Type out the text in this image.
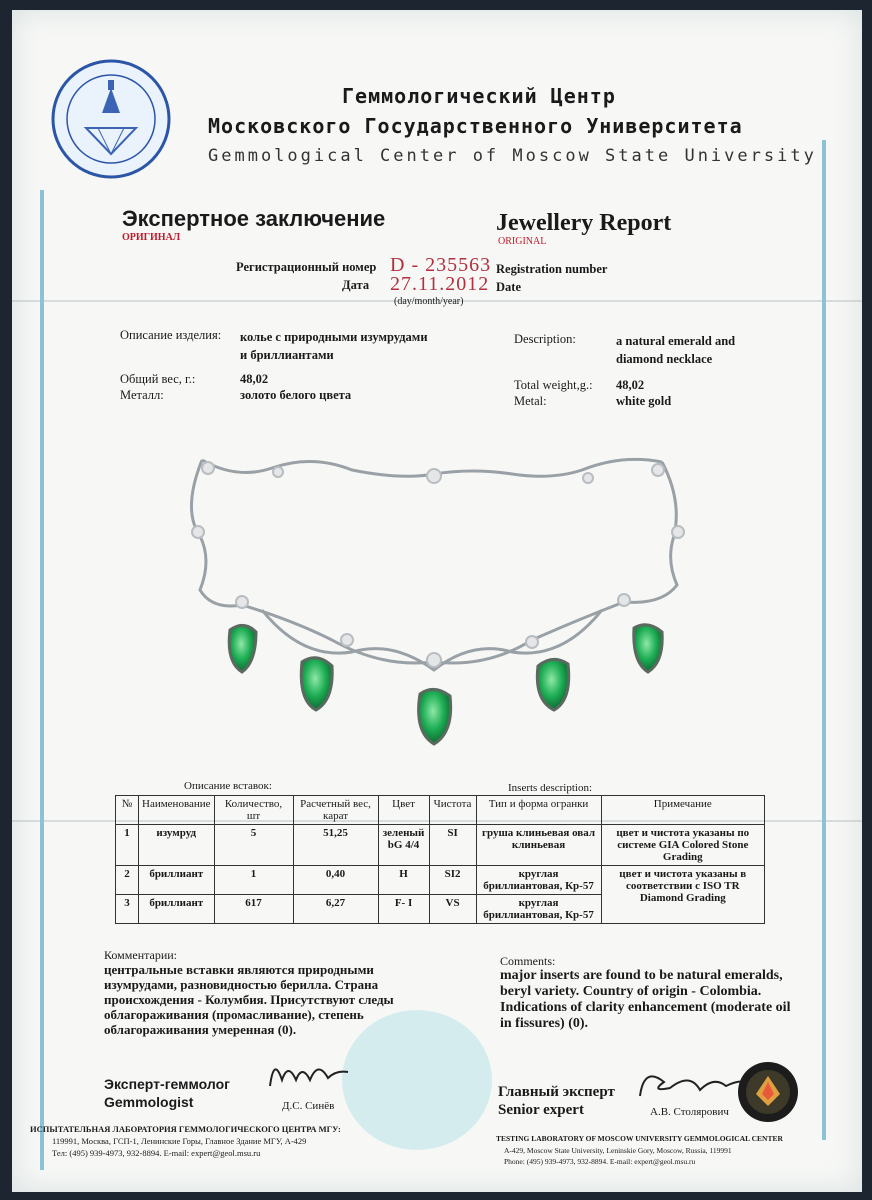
Геммологический Центр
Московского Государственного Университета
Gemmological Center of Moscow State University
Экспертное заключение
ОРИГИНАЛ
Jewellery Report
ORIGINAL
Регистрационный номер D - 235563 Registration number
Дата 27.11.2012 Date
(day/month/year)
Описание изделия: колье с природными изумрудами и бриллиантами
Description:	a natural emerald and diamond necklace
Общий вес, г.:	48,02	Total weight,g.: 48,02
Металл:	золото белого цвета	Metal:	white gold
Описание вставок:	Inserts description:
№	Наименование	Количество, шт	Расчетный вес, карат	Цвет	Чистота	Тип и форма огранки	Примечание
1	изумруд	5	51,25	зеленый bG 4/4	SI	груша клиньевая овал клиньевая	цвет и чистота указаны по системе GIA Colored Stone Grading
2	бриллиант	1	0,40	H	SI2	круглая бриллиантовая, Кр-57	цвет и чистота указаны в соответствии с ISO TR Diamond Grading
3	бриллиант	617	6,27	F- I	VS	круглая бриллиантовая, Кр-57	
Комментарии:
центральные вставки являются природными изумрудами, разновидностью берилла. Страна происхождения - Колумбия. Присутствуют следы облагораживания (промасливание), степень облагораживания умеренная (0).
Comments:
major inserts are found to be natural emeralds, beryl variety. Country of origin - Colombia. Indications of clarity enhancement (moderate oil in fissures) (0).
Эксперт-геммолог
Gemmologist	Д.С. Синёв
Главный эксперт
Senior expert	А.В. Столярович
ИСПЫТАТЕЛЬНАЯ ЛАБОРАТОРИЯ ГЕММОЛОГИЧЕСКОГО ЦЕНТРА МГУ:
119991, Москва, ГСП-1, Ленинские Горы, Главное Здание МГУ, А-429
Тел: (495) 939-4973, 932-8894. E-mail: expert@geol.msu.ru
TESTING LABORATORY OF MOSCOW UNIVERSITY GEMMOLOGICAL CENTER
A-429, Moscow State University, Leninskie Gory, Moscow, Russia, 119991
Phone: (495) 939-4973, 932-8894. E-mail: expert@geol.msu.ru
